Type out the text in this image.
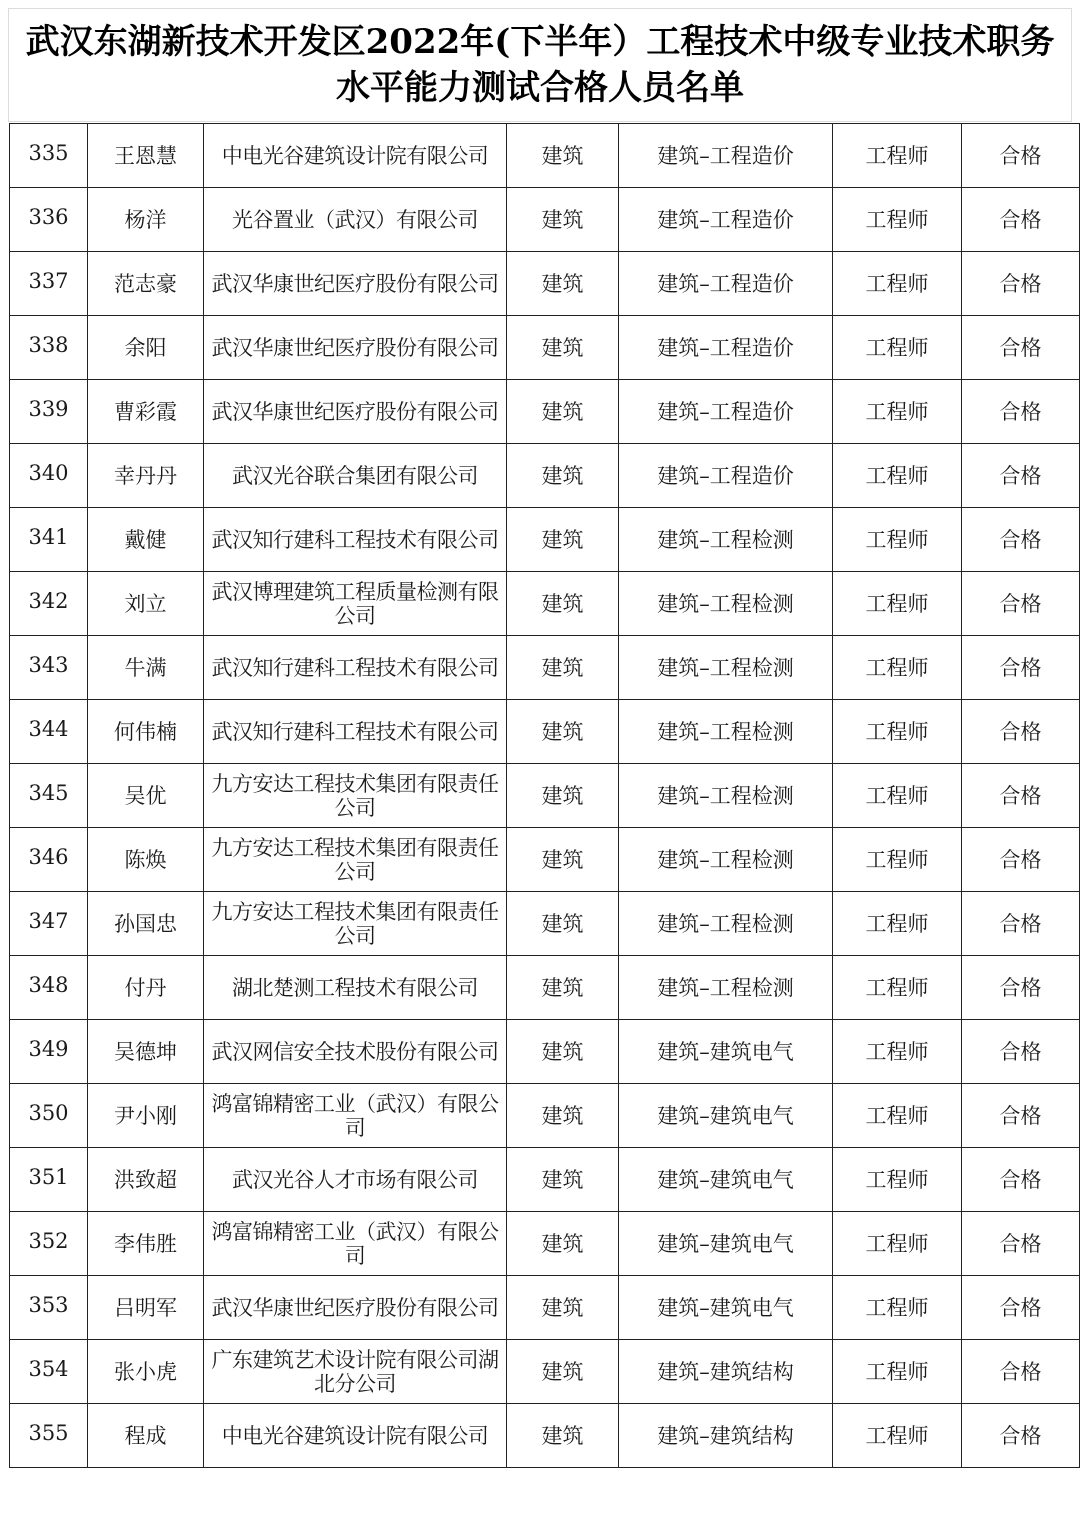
武汉东湖新技术开发区2022年(下半年）工程技术中级专业技术职务
水平能力测试合格人员名单
335	王恩慧	中电光谷建筑设计院有限公司	建筑	建筑–工程造价	工程师	合格
336	杨洋	光谷置业（武汉）有限公司	建筑	建筑–工程造价	工程师	合格
337	范志豪	武汉华康世纪医疗股份有限公司	建筑	建筑–工程造价	工程师	合格
338	余阳	武汉华康世纪医疗股份有限公司	建筑	建筑–工程造价	工程师	合格
339	曹彩霞	武汉华康世纪医疗股份有限公司	建筑	建筑–工程造价	工程师	合格
340	幸丹丹	武汉光谷联合集团有限公司	建筑	建筑–工程造价	工程师	合格
341	戴健	武汉知行建科工程技术有限公司	建筑	建筑–工程检测	工程师	合格
342	刘立	武汉博理建筑工程质量检测有限公司	建筑	建筑–工程检测	工程师	合格
343	牛满	武汉知行建科工程技术有限公司	建筑	建筑–工程检测	工程师	合格
344	何伟楠	武汉知行建科工程技术有限公司	建筑	建筑–工程检测	工程师	合格
345	吴优	九方安达工程技术集团有限责任公司	建筑	建筑–工程检测	工程师	合格
346	陈焕	九方安达工程技术集团有限责任公司	建筑	建筑–工程检测	工程师	合格
347	孙国忠	九方安达工程技术集团有限责任公司	建筑	建筑–工程检测	工程师	合格
348	付丹	湖北楚测工程技术有限公司	建筑	建筑–工程检测	工程师	合格
349	吴德坤	武汉网信安全技术股份有限公司	建筑	建筑–建筑电气	工程师	合格
350	尹小刚	鸿富锦精密工业（武汉）有限公司	建筑	建筑–建筑电气	工程师	合格
351	洪致超	武汉光谷人才市场有限公司	建筑	建筑–建筑电气	工程师	合格
352	李伟胜	鸿富锦精密工业（武汉）有限公司	建筑	建筑–建筑电气	工程师	合格
353	吕明军	武汉华康世纪医疗股份有限公司	建筑	建筑–建筑电气	工程师	合格
354	张小虎	广东建筑艺术设计院有限公司湖北分公司	建筑	建筑–建筑结构	工程师	合格
355	程成	中电光谷建筑设计院有限公司	建筑	建筑–建筑结构	工程师	合格
